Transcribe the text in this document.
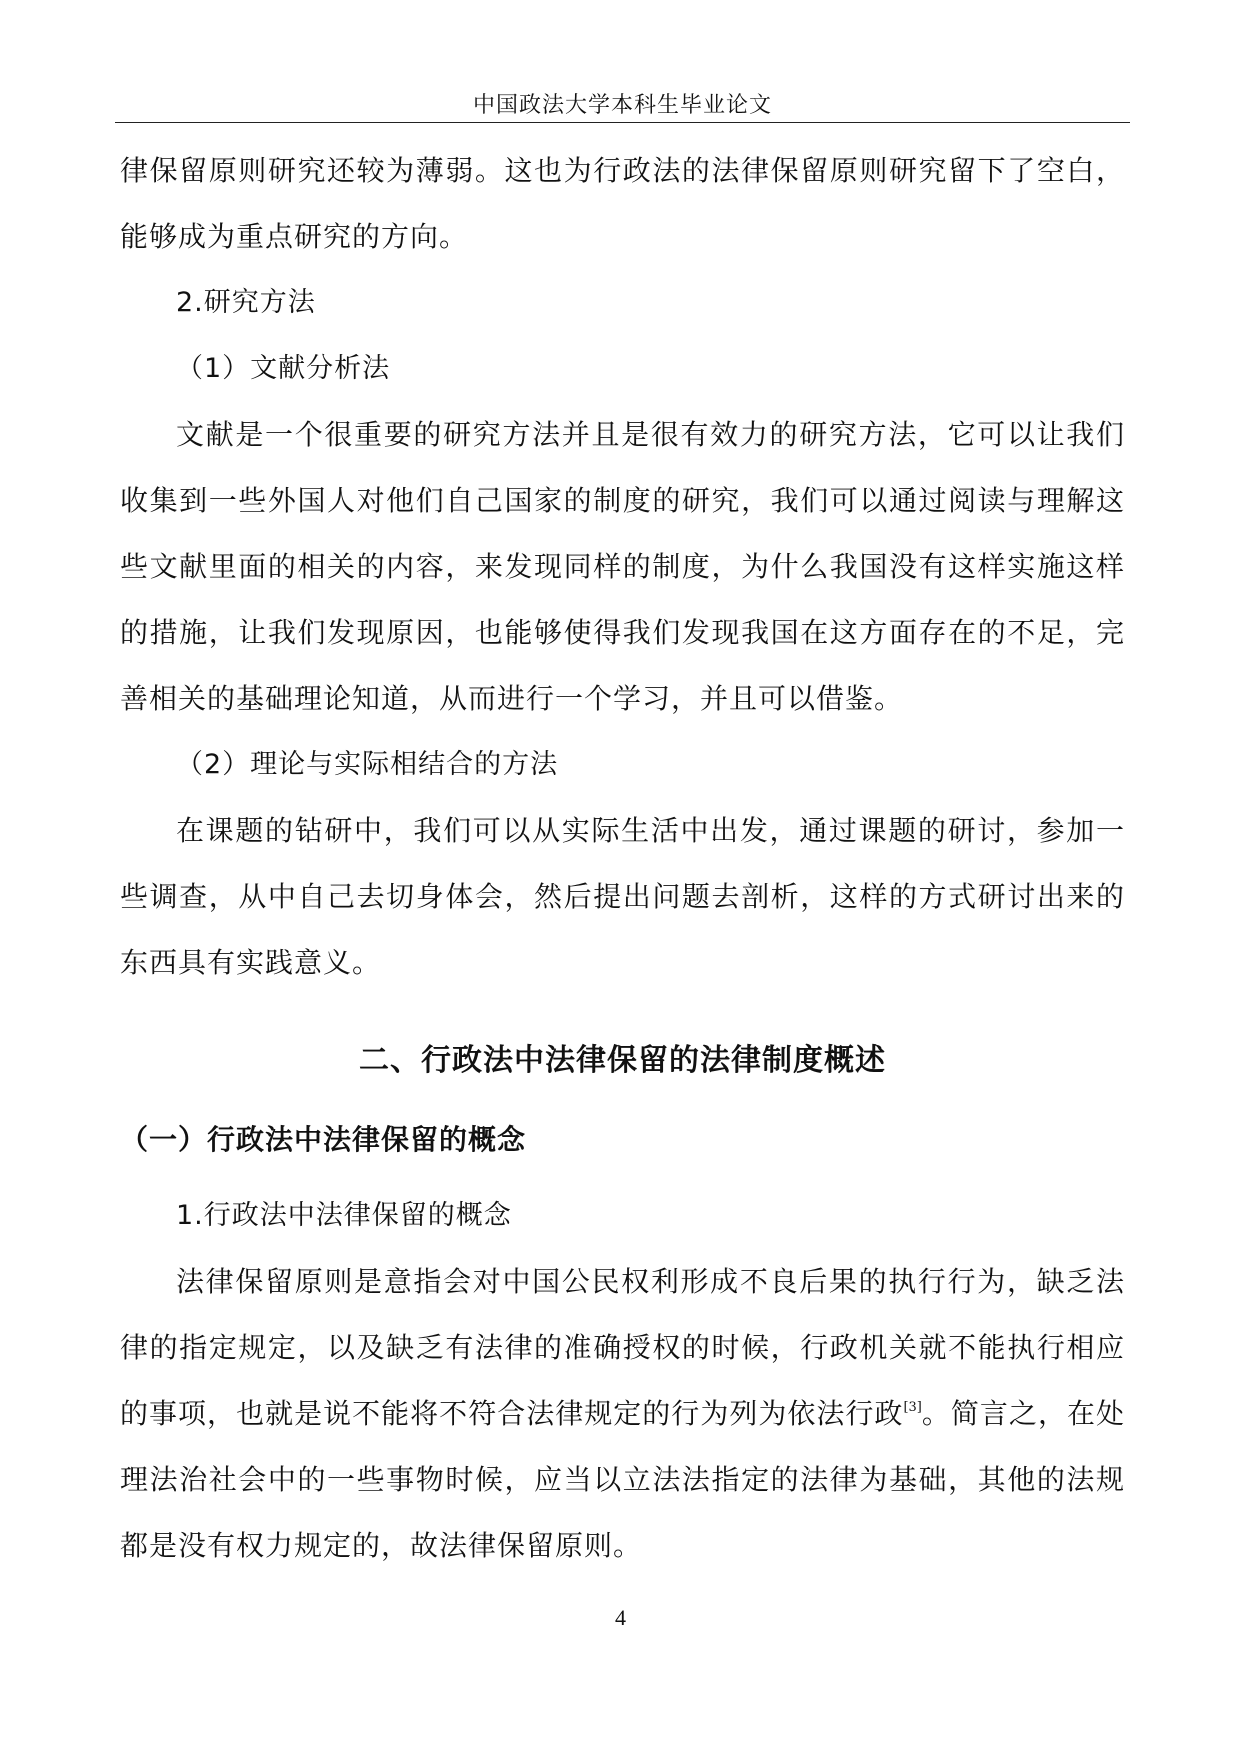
中国政法大学本科生毕业论文

律保留原则研究还较为薄弱。这也为行政法的法律保留原则研究留下了空白，能够成为重点研究的方向。

2.研究方法

（1）文献分析法

文献是一个很重要的研究方法并且是很有效力的研究方法，它可以让我们收集到一些外国人对他们自己国家的制度的研究，我们可以通过阅读与理解这些文献里面的相关的内容，来发现同样的制度，为什么我国没有这样实施这样的措施，让我们发现原因，也能够使得我们发现我国在这方面存在的不足，完善相关的基础理论知道，从而进行一个学习，并且可以借鉴。

（2）理论与实际相结合的方法

在课题的钻研中，我们可以从实际生活中出发，通过课题的研讨，参加一些调查，从中自己去切身体会，然后提出问题去剖析，这样的方式研讨出来的东西具有实践意义。

二、行政法中法律保留的法律制度概述
（一）行政法中法律保留的概念

1.行政法中法律保留的概念

法律保留原则是意指会对中国公民权利形成不良后果的执行行为，缺乏法律的指定规定，以及缺乏有法律的准确授权的时候，行政机关就不能执行相应的事项，也就是说不能将不符合法律规定的行为列为依法行政[3]。简言之，在处理法治社会中的一些事物时候，应当以立法法指定的法律为基础，其他的法规都是没有权力规定的，故法律保留原则。

4
